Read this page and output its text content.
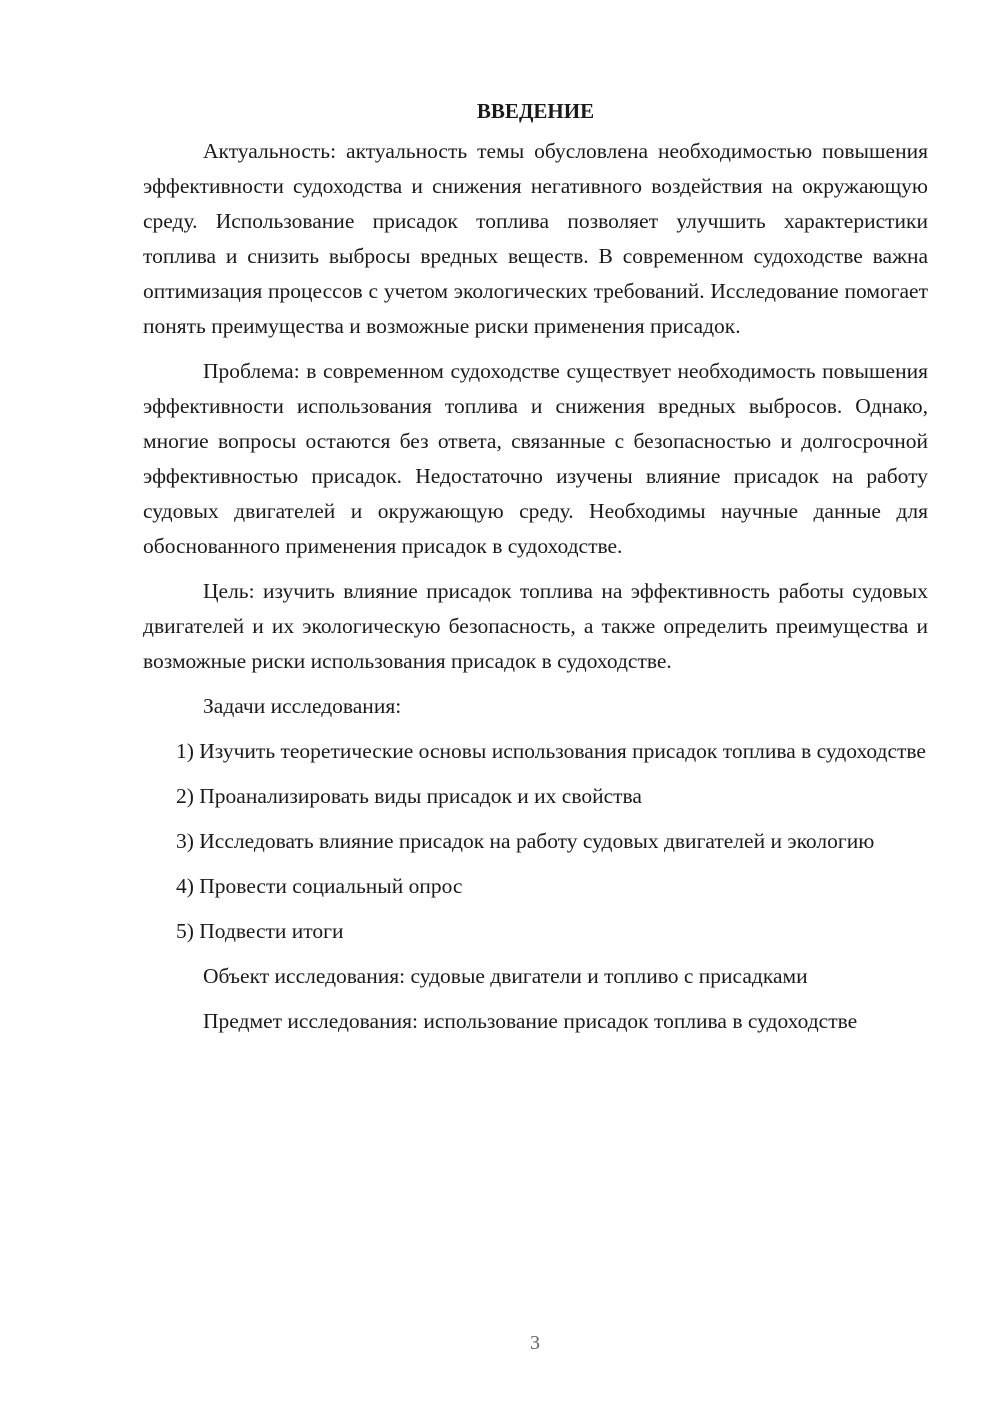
ВВЕДЕНИЕ

Актуальность: актуальность темы обусловлена необходимостью повышения эффективности судоходства и снижения негативного воздействия на окружающую среду. Использование присадок топлива позволяет улучшить характеристики топлива и снизить выбросы вредных веществ. В современном судоходстве важна оптимизация процессов с учетом экологических требований. Исследование помогает понять преимущества и возможные риски применения присадок.

Проблема: в современном судоходстве существует необходимость повышения эффективности использования топлива и снижения вредных выбросов. Однако, многие вопросы остаются без ответа, связанные с безопасностью и долгосрочной эффективностью присадок. Недостаточно изучены влияние присадок на работу судовых двигателей и окружающую среду. Необходимы научные данные для обоснованного применения присадок в судоходстве.

Цель: изучить влияние присадок топлива на эффективность работы судовых двигателей и их экологическую безопасность, а также определить преимущества и возможные риски использования присадок в судоходстве.

Задачи исследования:

1) Изучить теоретические основы использования присадок топлива в судоходстве

2) Проанализировать виды присадок и их свойства

3) Исследовать влияние присадок на работу судовых двигателей и экологию

4) Провести социальный опрос

5) Подвести итоги

Объект исследования: судовые двигатели и топливо с присадками

Предмет исследования: использование присадок топлива в судоходстве

3
